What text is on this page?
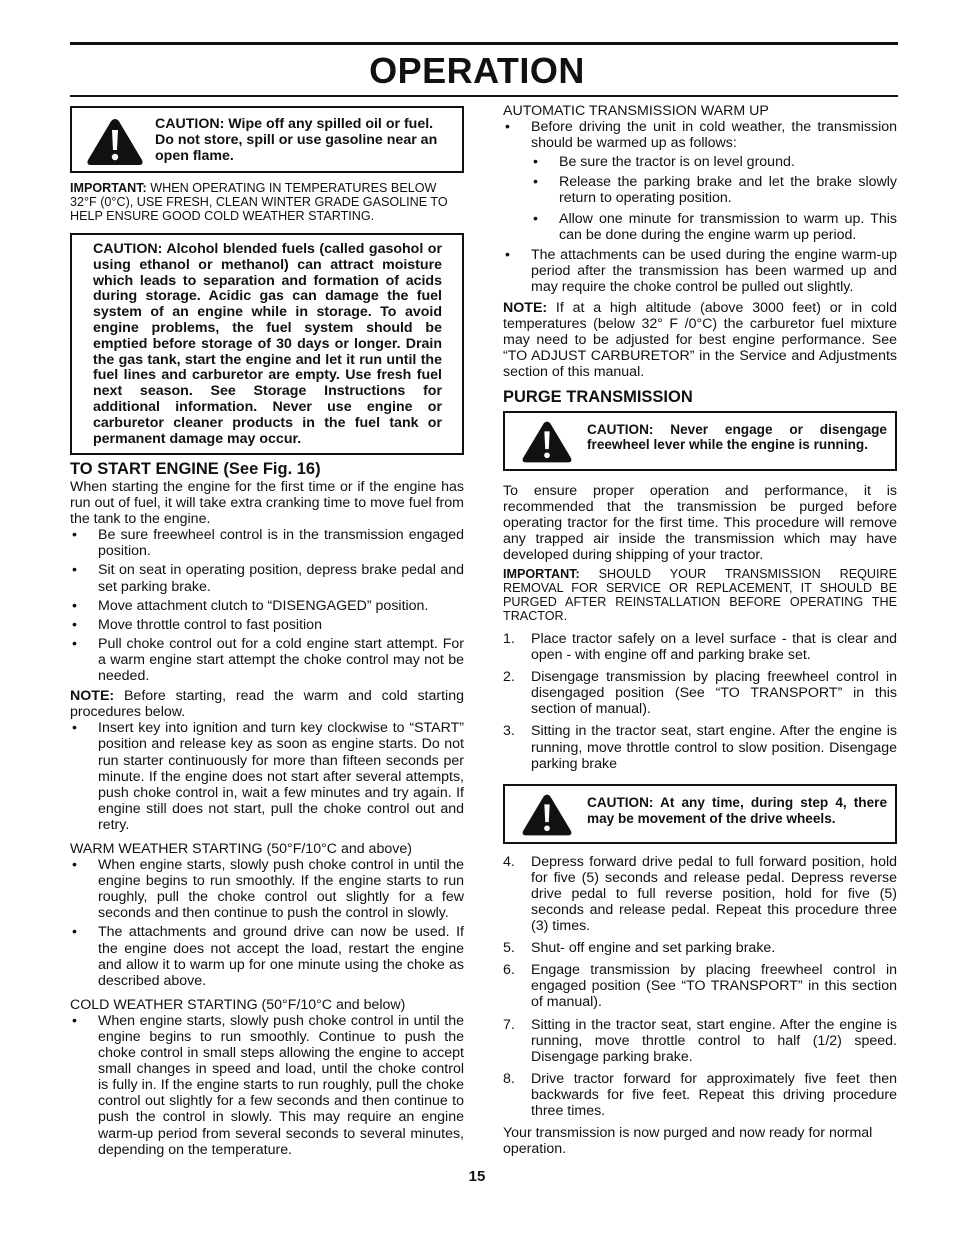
OPERATION
CAUTION: Wipe off any spilled oil or fuel. Do not store, spill or use gasoline near an open flame.
IMPORTANT: WHEN OPERATING IN TEMPERATURES BELOW 32°F (0°C), USE FRESH, CLEAN WINTER GRADE GASOLINE TO HELP ENSURE GOOD COLD WEATHER STARTING.
CAUTION: Alcohol blended fuels (called gasohol or using ethanol or methanol) can attract moisture which leads to separation and formation of acids during storage. Acidic gas can damage the fuel system of an engine while in storage. To avoid engine problems, the fuel system should be emptied before storage of 30 days or longer. Drain the gas tank, start the engine and let it run until the fuel lines and carburetor are empty. Use fresh fuel next season. See Storage Instructions for additional information. Never use engine or carburetor cleaner products in the fuel tank or permanent damage may occur.
TO START ENGINE (See Fig. 16)

When starting the engine for the first time or if the engine has run out of fuel, it will take extra cranking time to move fuel from the tank to the engine.

• Be sure freewheel control is in the transmission engaged position.
• Sit on seat in operating position, depress brake pedal and set parking brake.
• Move attachment clutch to “DISENGAGED” position.
• Move throttle control to fast position
• Pull choke control out for a cold engine start attempt. For a warm engine start attempt the choke control may not be needed.

NOTE: Before starting, read the warm and cold starting procedures below.

• Insert key into ignition and turn key clockwise to “START” position and release key as soon as engine starts. Do not run starter continuously for more than fifteen seconds per minute. If the engine does not start after several attempts, push choke control in, wait a few minutes and try again. If engine still does not start, pull the choke control out and retry.

WARM WEATHER STARTING (50°F/10°C and above)

• When engine starts, slowly push choke control in until the engine begins to run smoothly. If the engine starts to run roughly, pull the choke control out slightly for a few seconds and then continue to push the control in slowly.
• The attachments and ground drive can now be used. If the engine does not accept the load, restart the engine and allow it to warm up for one minute using the choke as described above.

COLD WEATHER STARTING (50°F/10°C and below)

• When engine starts, slowly push choke control in until the engine begins to run smoothly. Continue to push the choke control in small steps allowing the engine to accept small changes in speed and load, until the choke control is fully in. If the engine starts to run roughly, pull the choke control out slightly for a few seconds and then continue to push the control in slowly. This may require an engine warm-up period from several seconds to several minutes, depending on the temperature.

AUTOMATIC TRANSMISSION WARM UP

• Before driving the unit in cold weather, the transmission should be warmed up as follows:
• Be sure the tractor is on level ground.
• Release the parking brake and let the brake slowly return to operating position.
• Allow one minute for transmission to warm up. This can be done during the engine warm up period.
• The attachments can be used during the engine warm-up period after the transmission has been warmed up and may require the choke control be pulled out slightly.

NOTE: If at a high altitude (above 3000 feet) or in cold temperatures (below 32° F /0°C) the carburetor fuel mixture may need to be adjusted for best engine performance. See “TO ADJUST CARBURETOR” in the Service and Adjustments section of this manual.

PURGE TRANSMISSION
CAUTION: Never engage or disengage freewheel lever while the engine is running.

To ensure proper operation and performance, it is recommended that the transmission be purged before operating tractor for the first time. This procedure will remove any trapped air inside the transmission which may have developed during shipping of your tractor.

IMPORTANT: SHOULD YOUR TRANSMISSION REQUIRE REMOVAL FOR SERVICE OR REPLACEMENT, IT SHOULD BE PURGED AFTER REINSTALLATION BEFORE OPERATING THE TRACTOR.
1. Place tractor safely on a level surface - that is clear and open - with engine off and parking brake set.
2. Disengage transmission by placing freewheel control in disengaged position (See “TO TRANSPORT” in this section of manual).
3. Sitting in the tractor seat, start engine. After the engine is running, move throttle control to slow position. Disengage parking brake
CAUTION: At any time, during step 4, there may be movement of the drive wheels.
4. Depress forward drive pedal to full forward position, hold for five (5) seconds and release pedal. Depress reverse drive pedal to full reverse position, hold for five (5) seconds and release pedal. Repeat this procedure three (3) times.
5. Shut- off engine and set parking brake.
6. Engage transmission by placing freewheel control in engaged position (See “TO TRANSPORT” in this section of manual).
7. Sitting in the tractor seat, start engine. After the engine is running, move throttle control to half (1/2) speed. Disengage parking brake.
8. Drive tractor forward for approximately five feet then backwards for five feet. Repeat this driving procedure three times.

Your transmission is now purged and now ready for normal operation.

15
